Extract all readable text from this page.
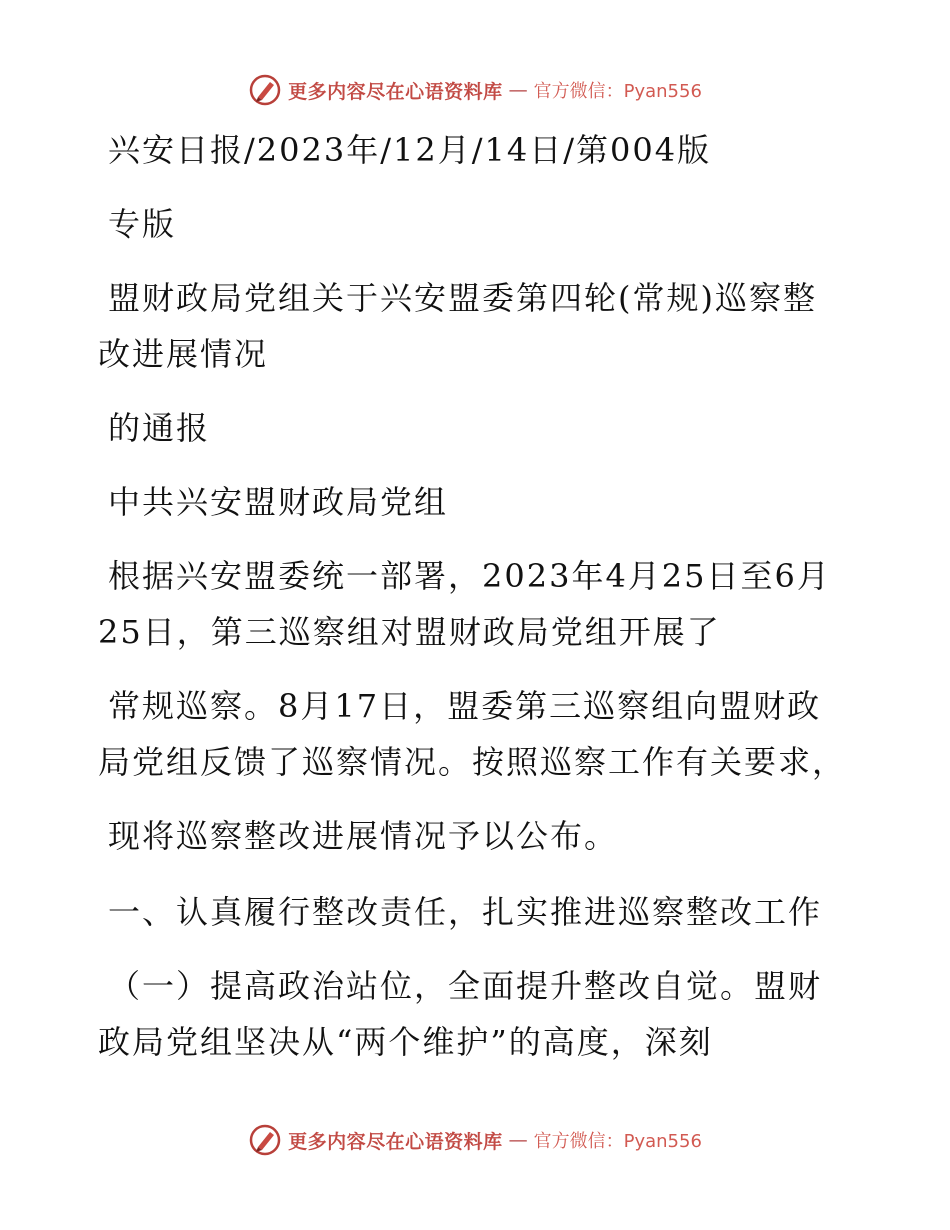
更多内容尽在心语资料库 — 官方微信：Pyan556
兴安日报/2023年/12月/14日/第004版
专版
盟财政局党组关于兴安盟委第四轮(常规)巡察整
改进展情况
的通报
中共兴安盟财政局党组
根据兴安盟委统一部署，2023年4月25日至6月
25日，第三巡察组对盟财政局党组开展了
常规巡察。8月17日，盟委第三巡察组向盟财政
局党组反馈了巡察情况。按照巡察工作有关要求，
现将巡察整改进展情况予以公布。
一、认真履行整改责任，扎实推进巡察整改工作
（一）提高政治站位，全面提升整改自觉。盟财
政局党组坚决从“两个维护”的高度，深刻
更多内容尽在心语资料库 — 官方微信：Pyan556
